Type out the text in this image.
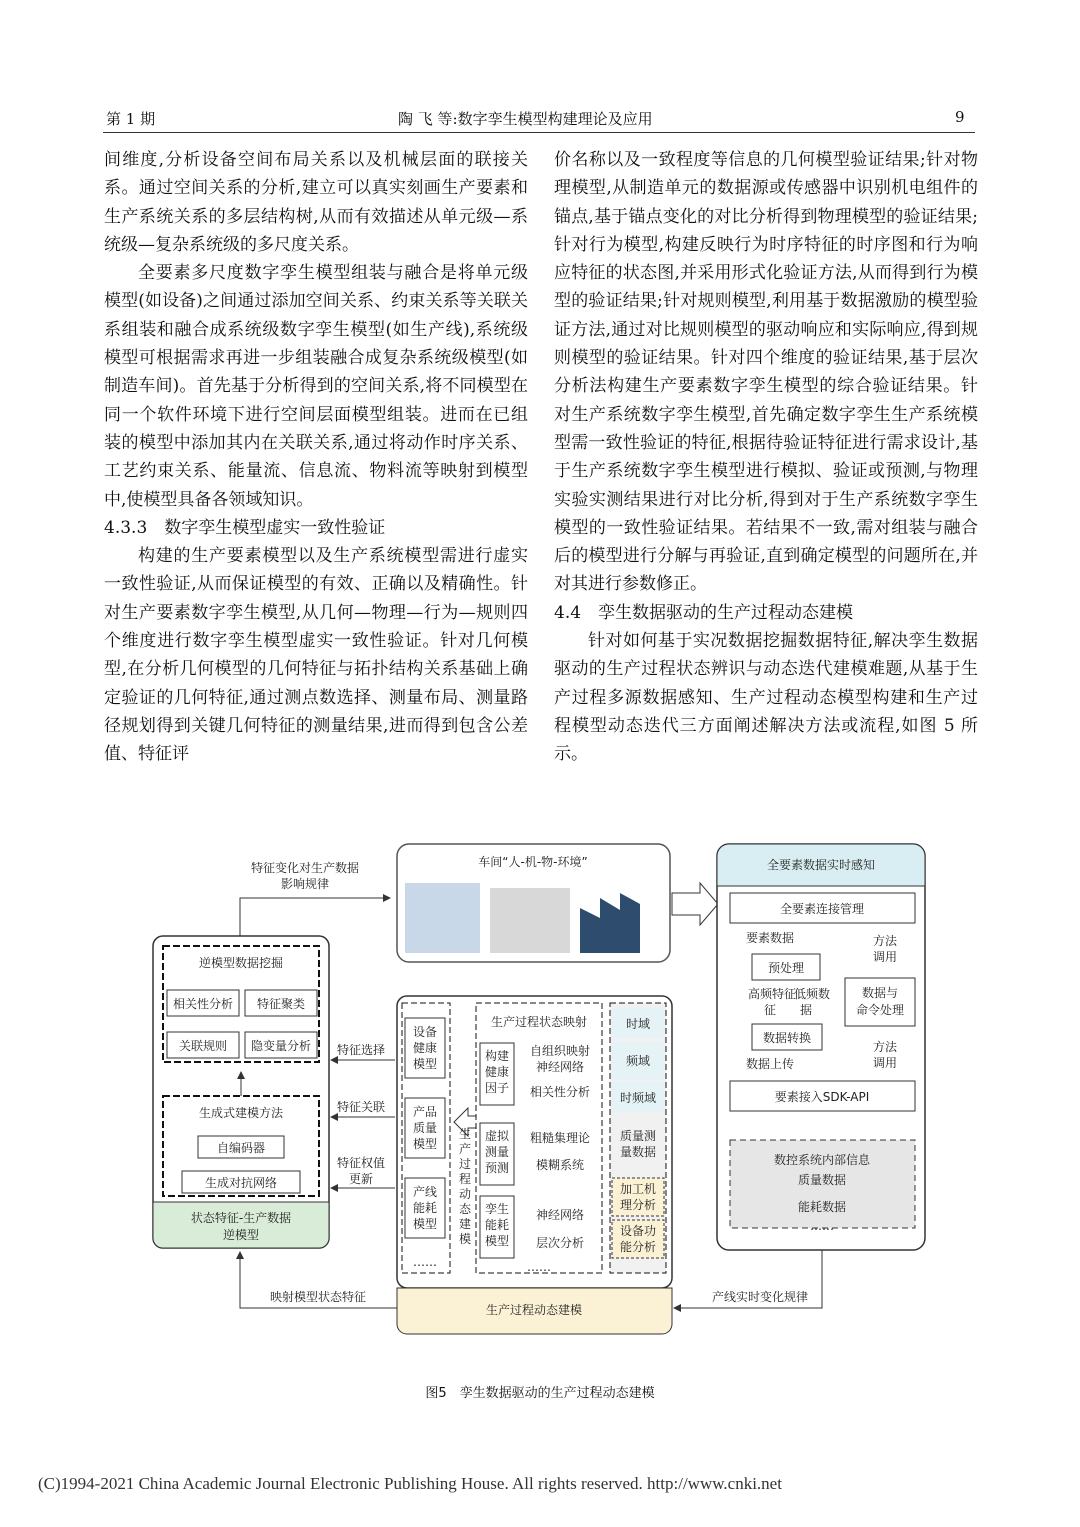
第 1 期	陶 飞 等:数字孪生模型构建理论及应用	9

间维度,分析设备空间布局关系以及机械层面的联接关系。通过空间关系的分析,建立可以真实刻画生产要素和生产系统关系的多层结构树,从而有效描述从单元级—系统级—复杂系统级的多尺度关系。

全要素多尺度数字孪生模型组装与融合是将单元级模型(如设备)之间通过添加空间关系、约束关系等关联关系组装和融合成系统级数字孪生模型(如生产线),系统级模型可根据需求再进一步组装融合成复杂系统级模型(如制造车间)。首先基于分析得到的空间关系,将不同模型在同一个软件环境下进行空间层面模型组装。进而在已组装的模型中添加其内在关联关系,通过将动作时序关系、工艺约束关系、能量流、信息流、物料流等映射到模型中,使模型具备各领域知识。

4.3.3　数字孪生模型虚实一致性验证

构建的生产要素模型以及生产系统模型需进行虚实一致性验证,从而保证模型的有效、正确以及精确性。针对生产要素数字孪生模型,从几何—物理—行为—规则四个维度进行数字孪生模型虚实一致性验证。针对几何模型,在分析几何模型的几何特征与拓扑结构关系基础上确定验证的几何特征,通过测点数选择、测量布局、测量路径规划得到关键几何特征的测量结果,进而得到包含公差值、特征评

价名称以及一致程度等信息的几何模型验证结果;针对物理模型,从制造单元的数据源或传感器中识别机电组件的锚点,基于锚点变化的对比分析得到物理模型的验证结果;针对行为模型,构建反映行为时序特征的时序图和行为响应特征的状态图,并采用形式化验证方法,从而得到行为模型的验证结果;针对规则模型,利用基于数据激励的模型验证方法,通过对比规则模型的驱动响应和实际响应,得到规则模型的验证结果。针对四个维度的验证结果,基于层次分析法构建生产要素数字孪生模型的综合验证结果。针对生产系统数字孪生模型,首先确定数字孪生生产系统模型需一致性验证的特征,根据待验证特征进行需求设计,基于生产系统数字孪生模型进行模拟、验证或预测,与物理实验实测结果进行对比分析,得到对于生产系统数字孪生模型的一致性验证结果。若结果不一致,需对组装与融合后的模型进行分解与再验证,直到确定模型的问题所在,并对其进行参数修正。

4.4　孪生数据驱动的生产过程动态建模

针对如何基于实况数据挖掘数据特征,解决孪生数据驱动的生产过程状态辨识与动态迭代建模难题,从基于生产过程多源数据感知、生产过程动态模型构建和生产过程模型动态迭代三方面阐述解决方法或流程,如图 5 所示。

特征变化对生产数据
影响规律
车间“人-机-物-环境”	全要素数据实时感知
全要素连接管理
要素数据	方法
调用
预处理
高频特征
低频数
征 据
数据与
命令处理
数据转换
数据上传
方法
调用
要素接入SDK-API
数控系统内部信息
质量数据
能耗数据
……
逆模型数据挖掘
相关性分析 特征聚类
关联规则 隐变量分析
生成式建模方法
自编码器
生成对抗网络
状态特征-生产数据
逆模型
特征选择
特征关联
特征权值
更新
设备
健康
模型
产品
质量
模型
产线
能耗
模型
……
生
产
过
程
动
态
建
模
生产过程状态映射
构建
健康
因子
虚拟
测量
预测
孪生
能耗
模型
自组织映射
神经网络
相关性分析
粗糙集理论
模糊系统
神经网络
层次分析
……
时域
频域
时频域
质量测
量数据
加工机
理分析
设备功
能分析
生产过程动态建模
产线实时变化规律
映射模型状态特征
图5　孪生数据驱动的生产过程动态建模
(C)1994-2021 China Academic Journal Electronic Publishing House. All rights reserved. http://www.cnki.net
